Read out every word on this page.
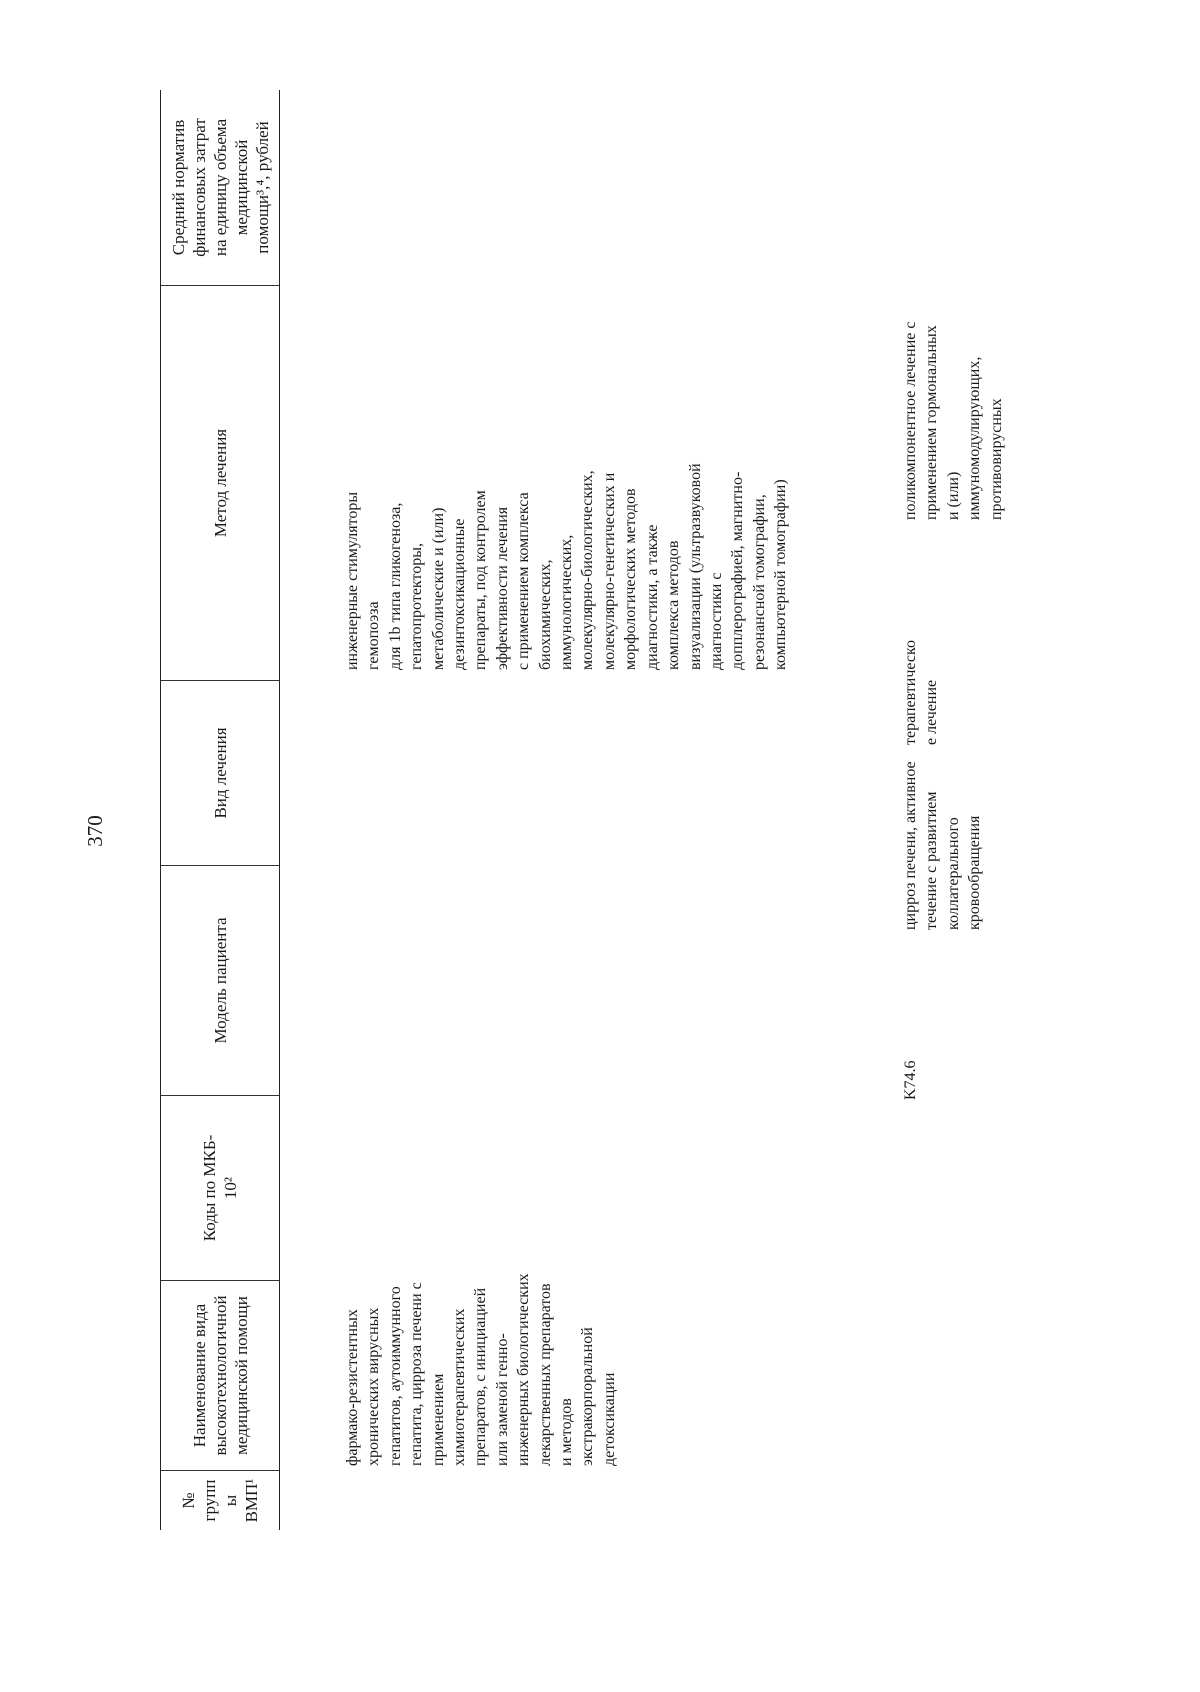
370
№
групп
ы
ВМП¹
Наименование вида
высокотехнологичной
медицинской помощи
Коды по МКБ-
10²
Модель пациента
Вид лечения
Метод лечения
Средний норматив
финансовых затрат
на единицу объема
медицинской
помощи³,⁴, рублей
фармако-резистентных
хронических вирусных
гепатитов, аутоиммунного
гепатита, цирроза печени с
применением
химиотерапевтических
препаратов, с инициацией
или заменой генно-
инженерных биологических
лекарственных препаратов
и методов
экстракорпоральной
детоксикации
инженерные стимуляторы
гемопоэза
для 1b типа гликогеноза,
гепатопротекторы,
метаболические и (или)
дезинтоксикационные
препараты, под контролем
эффективности лечения
с применением комплекса
биохимических,
иммунологических,
молекулярно-биологических,
молекулярно-генетических и
морфологических методов
диагностики, а также
комплекса методов
визуализации (ультразвуковой
диагностики с
допплерографией, магнитно-
резонансной томографии,
компьютерной томографии)
K74.6
цирроз печени, активное
течение с развитием
коллатерального
кровообращения
терапевтическо
е лечение
поликомпонентное лечение с
применением гормональных
и (или)
иммуномодулирующих,
противовирусных
